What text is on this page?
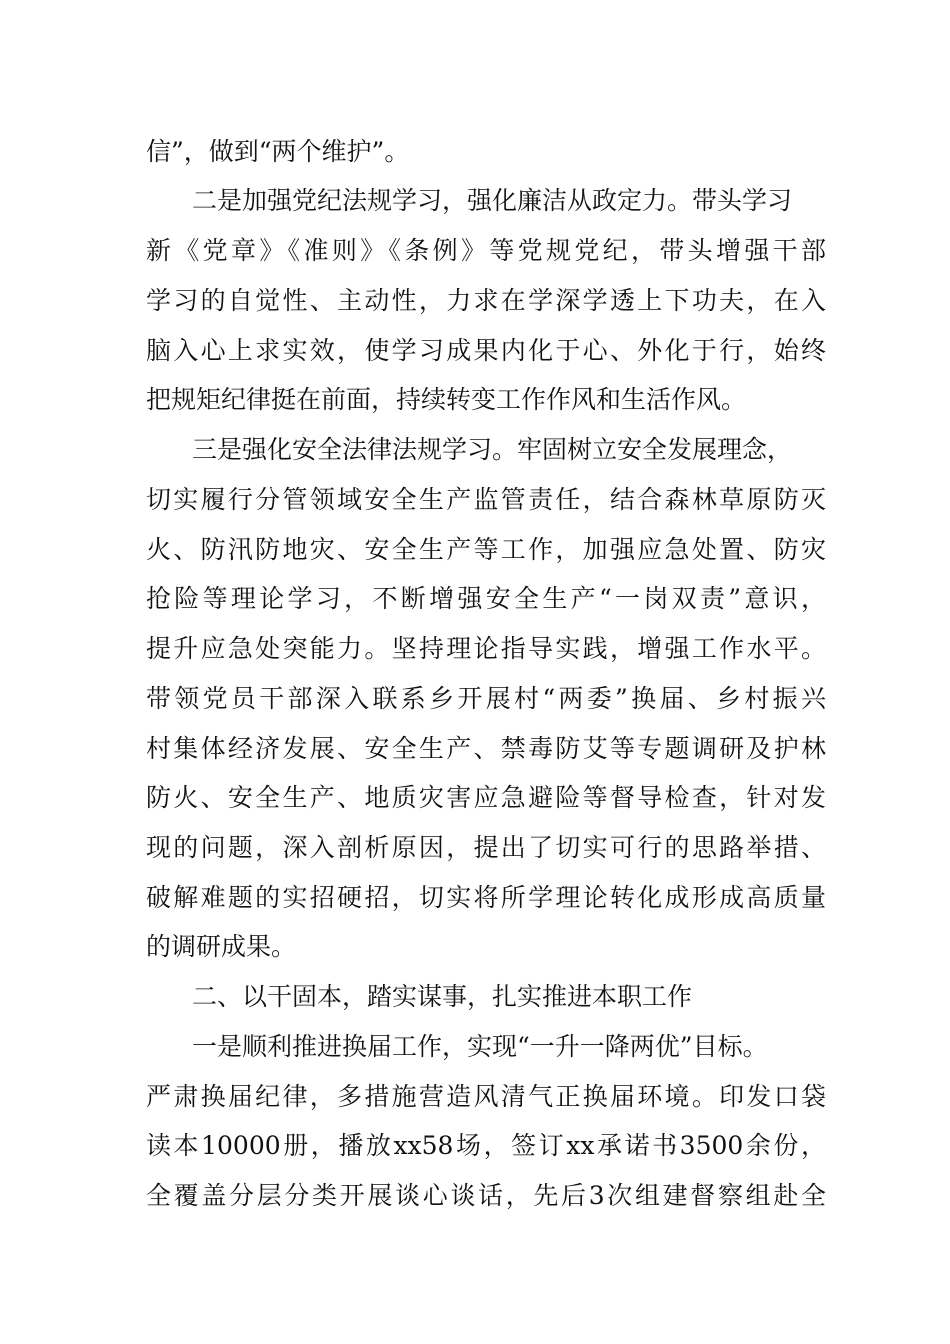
信”，做到“两个维护”。
二是加强党纪法规学习，强化廉洁从政定力。带头学习
新《党章》《准则》《条例》等党规党纪，带头增强干部
学习的自觉性、主动性，力求在学深学透上下功夫，在入
脑入心上求实效，使学习成果内化于心、外化于行，始终
把规矩纪律挺在前面，持续转变工作作风和生活作风。
三是强化安全法律法规学习。牢固树立安全发展理念，
切实履行分管领域安全生产监管责任，结合森林草原防灭
火、防汛防地灾、安全生产等工作，加强应急处置、防灾
抢险等理论学习，不断增强安全生产“一岗双责”意识，
提升应急处突能力。坚持理论指导实践，增强工作水平。
带领党员干部深入联系乡开展村“两委”换届、乡村振兴
村集体经济发展、安全生产、禁毒防艾等专题调研及护林
防火、安全生产、地质灾害应急避险等督导检查，针对发
现的问题，深入剖析原因，提出了切实可行的思路举措、
破解难题的实招硬招，切实将所学理论转化成形成高质量
的调研成果。
二、以干固本，踏实谋事，扎实推进本职工作
一是顺利推进换届工作，实现“一升一降两优”目标。
严肃换届纪律，多措施营造风清气正换届环境。印发口袋
读本10000册，播放xx58场，签订xx承诺书3500余份，
全覆盖分层分类开展谈心谈话，先后3次组建督察组赴全
